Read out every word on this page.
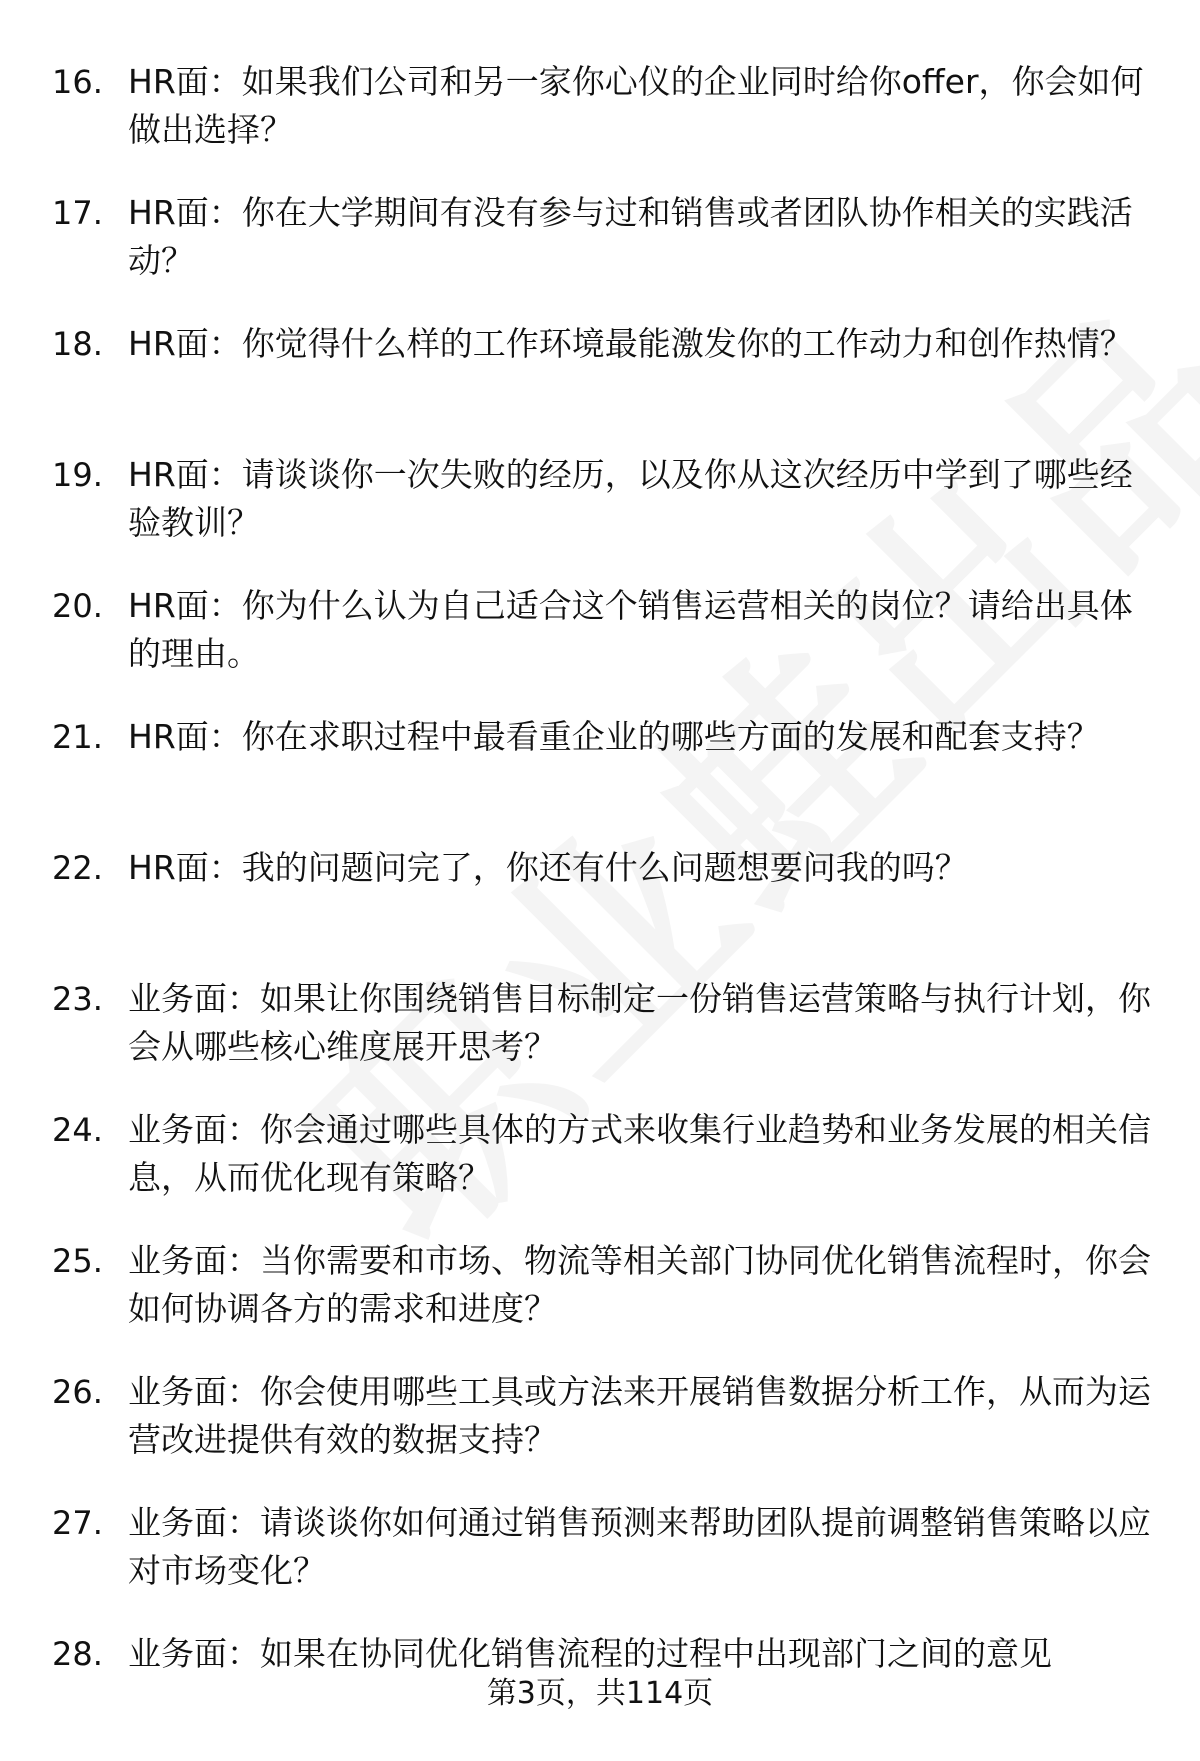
16. HR面：如果我们公司和另一家你心仪的企业同时给你offer，你会如何做出选择？
17. HR面：你在大学期间有没有参与过和销售或者团队协作相关的实践活动？
18. HR面：你觉得什么样的工作环境最能激发你的工作动力和创作热情？
19. HR面：请谈谈你一次失败的经历，以及你从这次经历中学到了哪些经验教训？
20. HR面：你为什么认为自己适合这个销售运营相关的岗位？请给出具体的理由。
21. HR面：你在求职过程中最看重企业的哪些方面的发展和配套支持？
22. HR面：我的问题问完了，你还有什么问题想要问我的吗？
23. 业务面：如果让你围绕销售目标制定一份销售运营策略与执行计划，你会从哪些核心维度展开思考？
24. 业务面：你会通过哪些具体的方式来收集行业趋势和业务发展的相关信息，从而优化现有策略？
25. 业务面：当你需要和市场、物流等相关部门协同优化销售流程时，你会如何协调各方的需求和进度？
26. 业务面：你会使用哪些工具或方法来开展销售数据分析工作，从而为运营改进提供有效的数据支持？
27. 业务面：请谈谈你如何通过销售预测来帮助团队提前调整销售策略以应对市场变化？
28. 业务面：如果在协同优化销售流程的过程中出现部门之间的意见
第3页，共114页
